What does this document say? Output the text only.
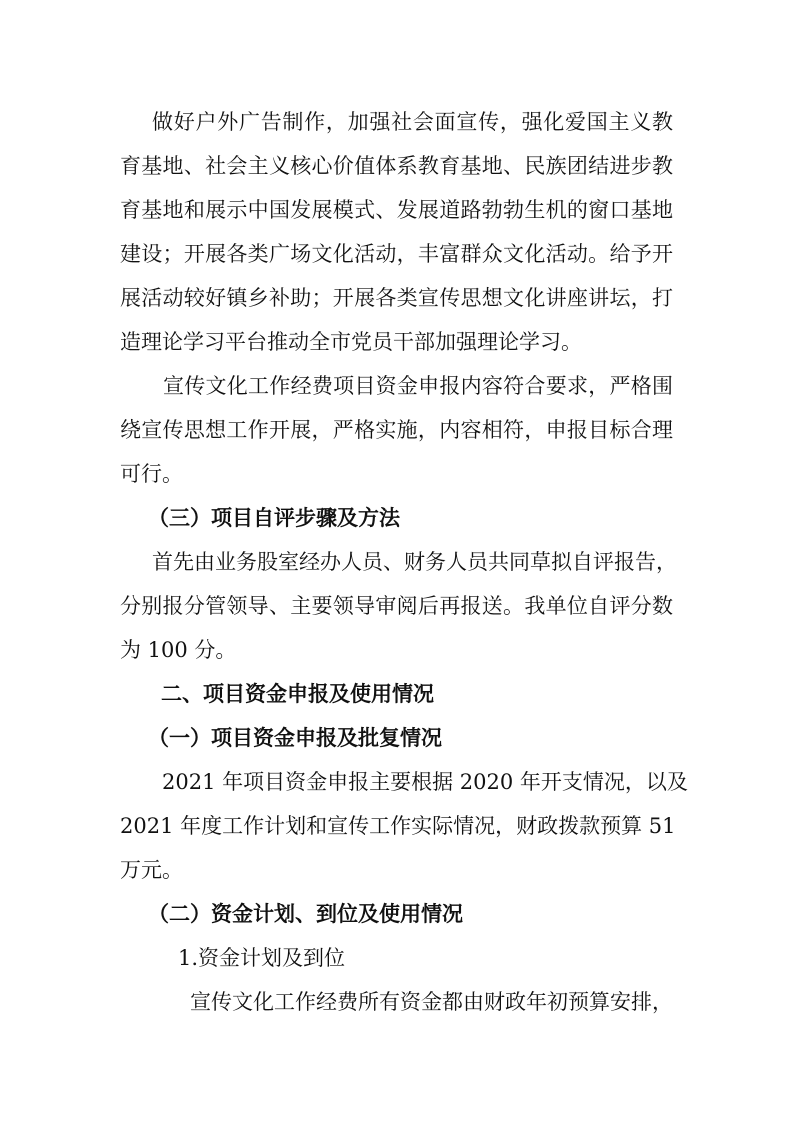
做好户外广告制作，加强社会面宣传，强化爱国主义教

育基地、社会主义核心价值体系教育基地、民族团结进步教

育基地和展示中国发展模式、发展道路勃勃生机的窗口基地

建设；开展各类广场文化活动，丰富群众文化活动。给予开

展活动较好镇乡补助；开展各类宣传思想文化讲座讲坛，打

造理论学习平台推动全市党员干部加强理论学习。

宣传文化工作经费项目资金申报内容符合要求，严格围

绕宣传思想工作开展，严格实施，内容相符，申报目标合理

可行。

（三）项目自评步骤及方法

首先由业务股室经办人员、财务人员共同草拟自评报告，

分别报分管领导、主要领导审阅后再报送。我单位自评分数

为 100 分。

二、项目资金申报及使用情况

（一）项目资金申报及批复情况

2021 年项目资金申报主要根据 2020 年开支情况，以及

2021 年度工作计划和宣传工作实际情况，财政拨款预算 51

万元。

（二）资金计划、到位及使用情况

1.资金计划及到位

宣传文化工作经费所有资金都由财政年初预算安排，
